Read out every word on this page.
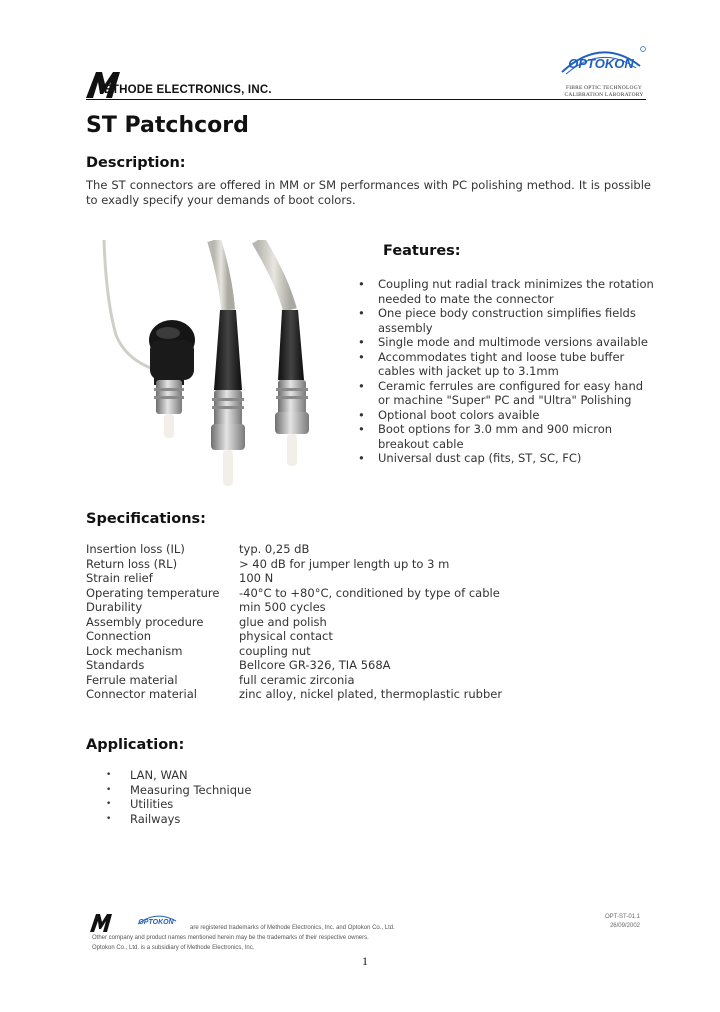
ETHODE ELECTRONICS, INC.
OPTOKON
FIBRE OPTIC TECHNOLOGY
CALIBRATION LABORATORY
ST Patchcord
Description:
The ST connectors are offered in MM or SM performances with PC polishing method. It is possible to exadly specify your demands of boot colors.
Features:
• Coupling nut radial track minimizes the rotation needed to mate the connector
• One piece body construction simplifies fields assembly
• Single mode and multimode versions available
• Accommodates tight and loose tube buffer cables with jacket up to 3.1mm
• Ceramic ferrules are configured for easy hand or machine "Super" PC and "Ultra" Polishing
• Optional boot colors avaible
• Boot options for 3.0 mm and 900 micron breakout cable
• Universal dust cap (fits, ST, SC, FC)
Specifications:
Insertion loss (IL)	typ. 0,25 dB
Return loss (RL)	> 40 dB for jumper length up to 3 m
Strain relief	100 N
Operating temperature	-40°C to +80°C, conditioned by type of cable
Durability	min 500 cycles
Assembly procedure	glue and polish
Connection	physical contact
Lock mechanism	coupling nut
Standards	Bellcore GR-326, TIA 568A
Ferrule material	full ceramic zirconia
Connector material	zinc alloy, nickel plated, thermoplastic rubber
Application:
• LAN, WAN
• Measuring Technique
• Utilities
• Railways
OPTOKON
are registered trademarks of Methode Electronics, Inc. and Optokon Co., Ltd.
Other company and product names mentioned herein may be the trademarks of their respective owners.
Optokon Co., Ltd. is a subsidiary of Methode Electronics, Inc.
OPT-ST-01.1
26/09/2002
1
